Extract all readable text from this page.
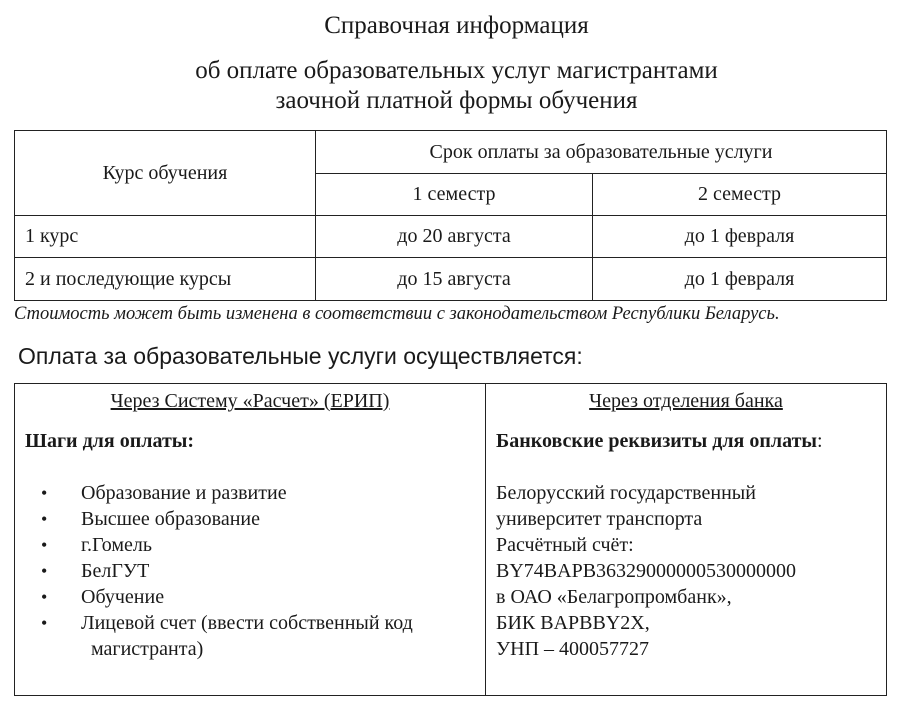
Справочная информация
об оплате образовательных услуг магистрантами
заочной платной формы обучения
Курс обучения	Срок оплаты за образовательные услуги	
	1 семестр	2 семестр
1 курс	до 20 августа	до 1 февраля
2 и последующие курсы	до 15 августа	до 1 февраля
Стоимость может быть изменена в соответствии с законодательством Республики Беларусь.
Оплата за образовательные услуги осуществляется:
Через Систему «Расчет» (ЕРИП)
Шаги для оплаты:
• Образование и развитие
• Высшее образование
• г.Гомель
• БелГУТ
• Обучение
• Лицевой счет (ввести собственный код
магистранта)

Через отделения банка
Банковские реквизиты для оплаты:
Белорусский государственный
университет транспорта
Расчётный счёт:
BY74BAPB36329000000530000000
в ОАО «Белагропромбанк»,
БИК BAPBBY2X,
УНП – 400057727
